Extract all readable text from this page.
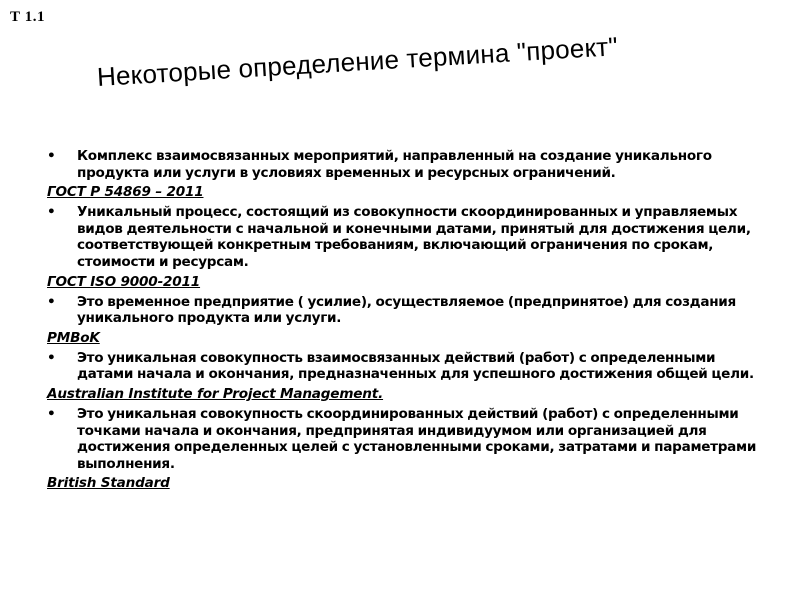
Т 1.1
Некоторые определение термина "проект"
•	Комплекс взаимосвязанных мероприятий, направленный на создание уникального продукта или услуги в условиях временных и ресурсных ограничений.
ГОСТ Р 54869 – 2011
•	Уникальный процесс, состоящий из совокупности скоординированных и управляемых видов деятельности с начальной и конечными датами, принятый для достижения цели, соответствующей конкретным требованиям, включающий ограничения по срокам, стоимости и ресурсам.
ГОСТ ISO 9000-2011
•	Это временное предприятие ( усилие), осуществляемое (предпринятое) для создания уникального продукта или услуги.
PMBoK
•	Это уникальная совокупность взаимосвязанных действий (работ) с определенными датами начала и окончания, предназначенных для успешного достижения общей цели.
Australian Institute for Project Management.
•	Это уникальная совокупность скоординированных действий (работ) с определенными точками начала и окончания, предпринятая индивидуумом или организацией для достижения определенных целей с установленными сроками, затратами и параметрами выполнения.
British Standard
